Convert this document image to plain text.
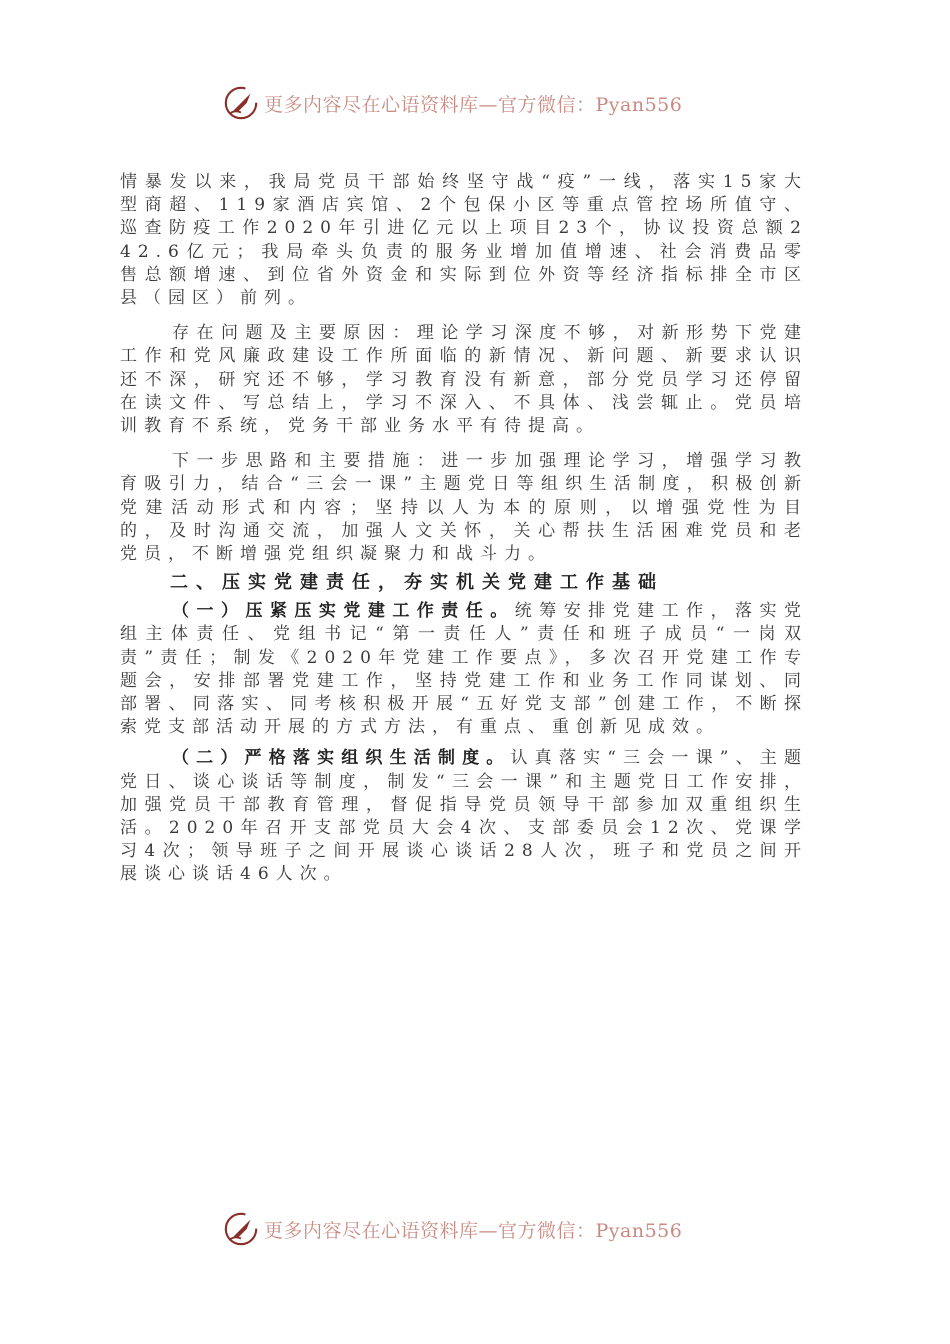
更多内容尽在心语资料库—官方微信：Pyan556

情暴发以来，我局党员干部始终坚守战“疫”一线，落实15家大型商超、119家酒店宾馆、2个包保小区等重点管控场所值守、巡查防疫工作2020年引进亿元以上项目23个，协议投资总额242.6亿元；我局牵头负责的服务业增加值增速、社会消费品零售总额增速、到位省外资金和实际到位外资等经济指标排全市区县（园区）前列。

存在问题及主要原因：理论学习深度不够，对新形势下党建工作和党风廉政建设工作所面临的新情况、新问题、新要求认识还不深，研究还不够，学习教育没有新意，部分党员学习还停留在读文件、写总结上，学习不深入、不具体、浅尝辄止。党员培训教育不系统，党务干部业务水平有待提高。

下一步思路和主要措施：进一步加强理论学习，增强学习教育吸引力，结合“三会一课”主题党日等组织生活制度，积极创新党建活动形式和内容；坚持以人为本的原则，以增强党性为目的，及时沟通交流，加强人文关怀，关心帮扶生活困难党员和老党员，不断增强党组织凝聚力和战斗力。

二、压实党建责任，夯实机关党建工作基础

（一）压紧压实党建工作责任。统筹安排党建工作，落实党组主体责任、党组书记“第一责任人”责任和班子成员“一岗双责”责任；制发《2020年党建工作要点》，多次召开党建工作专题会，安排部署党建工作，坚持党建工作和业务工作同谋划、同部署、同落实、同考核积极开展“五好党支部”创建工作，不断探索党支部活动开展的方式方法，有重点、重创新见成效。

（二）严格落实组织生活制度。认真落实“三会一课”、主题党日、谈心谈话等制度，制发“三会一课”和主题党日工作安排，加强党员干部教育管理，督促指导党员领导干部参加双重组织生活。2020年召开支部党员大会4次、支部委员会12次、党课学习4次；领导班子之间开展谈心谈话28人次，班子和党员之间开展谈心谈话46人次。

更多内容尽在心语资料库—官方微信：Pyan556
